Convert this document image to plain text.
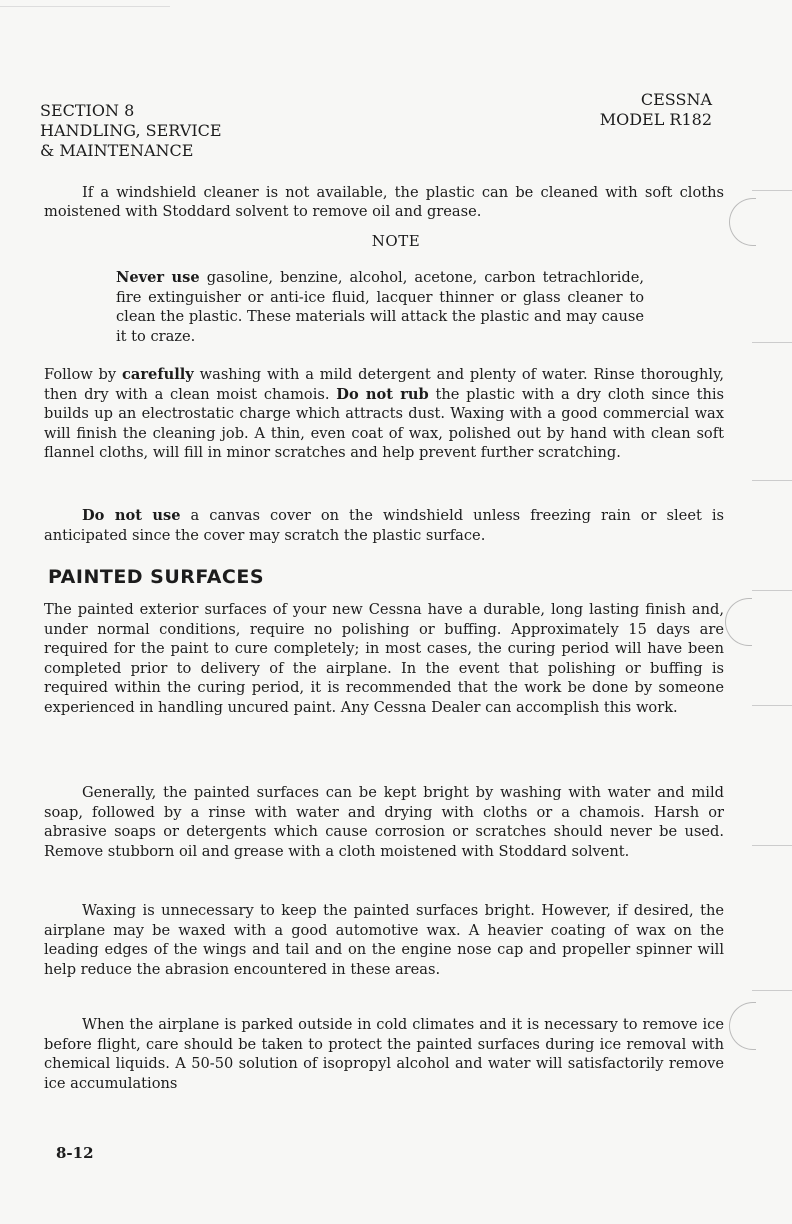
SECTION 8
HANDLING, SERVICE
& MAINTENANCE
CESSNA
MODEL R182

If a windshield cleaner is not available, the plastic can be cleaned with soft cloths moistened with Stoddard solvent to remove oil and grease.

NOTE

Never use gasoline, benzine, alcohol, acetone, carbon tetrachloride, fire extinguisher or anti-ice fluid, lacquer thinner or glass cleaner to clean the plastic. These materials will attack the plastic and may cause it to craze.

Follow by carefully washing with a mild detergent and plenty of water. Rinse thoroughly, then dry with a clean moist chamois. Do not rub the plastic with a dry cloth since this builds up an electrostatic charge which attracts dust. Waxing with a good commercial wax will finish the cleaning job. A thin, even coat of wax, polished out by hand with clean soft flannel cloths, will fill in minor scratches and help prevent further scratching.

Do not use a canvas cover on the windshield unless freezing rain or sleet is anticipated since the cover may scratch the plastic surface.

PAINTED SURFACES

The painted exterior surfaces of your new Cessna have a durable, long lasting finish and, under normal conditions, require no polishing or buffing. Approximately 15 days are required for the paint to cure completely; in most cases, the curing period will have been completed prior to delivery of the airplane. In the event that polishing or buffing is required within the curing period, it is recommended that the work be done by someone experienced in handling uncured paint. Any Cessna Dealer can accomplish this work.

Generally, the painted surfaces can be kept bright by washing with water and mild soap, followed by a rinse with water and drying with cloths or a chamois. Harsh or abrasive soaps or detergents which cause corrosion or scratches should never be used. Remove stubborn oil and grease with a cloth moistened with Stoddard solvent.

Waxing is unnecessary to keep the painted surfaces bright. However, if desired, the airplane may be waxed with a good automotive wax. A heavier coating of wax on the leading edges of the wings and tail and on the engine nose cap and propeller spinner will help reduce the abrasion encountered in these areas.

When the airplane is parked outside in cold climates and it is necessary to remove ice before flight, care should be taken to protect the painted surfaces during ice removal with chemical liquids. A 50-50 solution of isopropyl alcohol and water will satisfactorily remove ice accumulations

8-12
